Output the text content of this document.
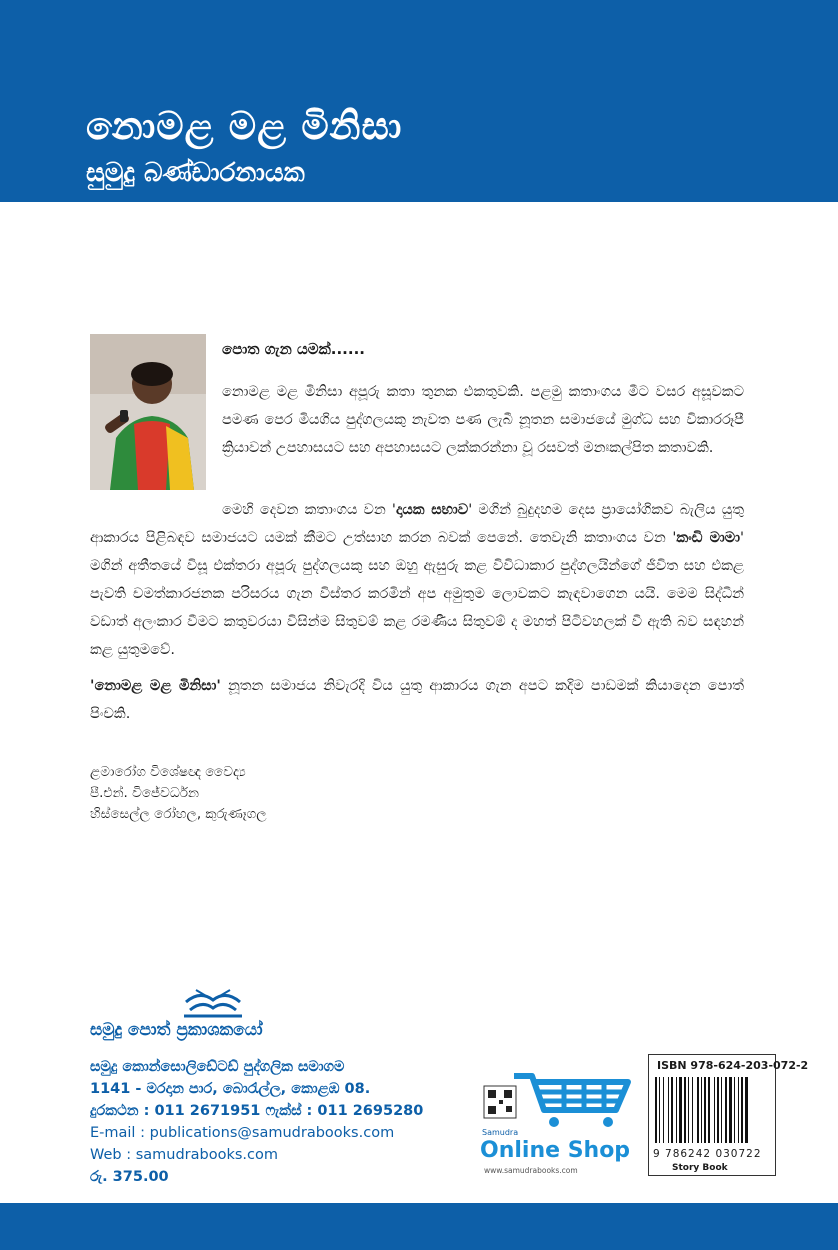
නොමළ මළ මිනිසා
සුමුදු බණ්ඩාරනායක
පොත ගැන යමක්......
නොමළ මළ මිනිසා අපූරු කතා තුනක එකතුවකි. පළමු කතාංගය මීට වසර අසූවකට පමණ පෙර මියගිය පුද්ගලයකු නැවත පණ ලැබී නූතන සමාජයේ මුග්ධ සහ විකාරරූපී ක්‍රියාවන් උපහාසයට සහ අපහාසයට ලක්කරන්නා වූ රසවත් මනඃකල්පිත කතාවකි.
මෙහි දෙවන කතාංගය වන 'දායක සභාව' මගින් බුදුදහම දෙස ප්‍රායෝගිකව බැලිය යුතු ආකාරය පිළිබඳව සමාජයට යමක් කීමට උත්සාහ කරන බවක් පෙනේ. තෙවැනි කතාංගය වන 'කංඩි මාමා' මගින් අතීතයේ විසූ එක්තරා අපූරු පුද්ගලයකු සහ ඔහු ඇසුරු කළ විවිධාකාර පුද්ගලයින්ගේ ජීවිත සහ එකළ පැවති චමත්කාරජනක පරිසරය ගැන විස්තර කරමින් අප අමුතුම ලොවකට කැඳවාගෙන යයි. මෙම සිද්ධීන් වඩාත් අලංකාර වීමට කතුවරයා විසින්ම සිතුවම් කළ රමණීය සිතුවම් ද මහත් පිටිවහලක් වී ඇති බව සඳහන් කළ යුතුමවේ.
'නොමළ මළ මිනිසා' නූතන සමාජය නිවැරදි විය යුතු ආකාරය ගැන අපට කදිම පාඩමක් කියාදෙන පොත් පිංචකි.
ළමාරෝග විශේෂඥ වෛද්‍ය
පී.එන්. විජේවර්ධන
හිස්සෙල්ල රෝහල, කුරුණෑගල
සමුදු පොත් ප්‍රකාශකයෝ
සමුදු කොන්සොලිඩේටඩ් පුද්ගලික සමාගම
1141 - මරදාන පාර, බොරැල්ල, කොළඹ 08.
දුරකථන : 011 2671951 ෆැක්ස් : 011 2695280
E-mail : publications@samudrabooks.com
Web : samudrabooks.com
රු. 375.00
Samudra
Online Shop
www.samudrabooks.com
ISBN 978-624-203-072-2
9 786242 030722
Story Book
